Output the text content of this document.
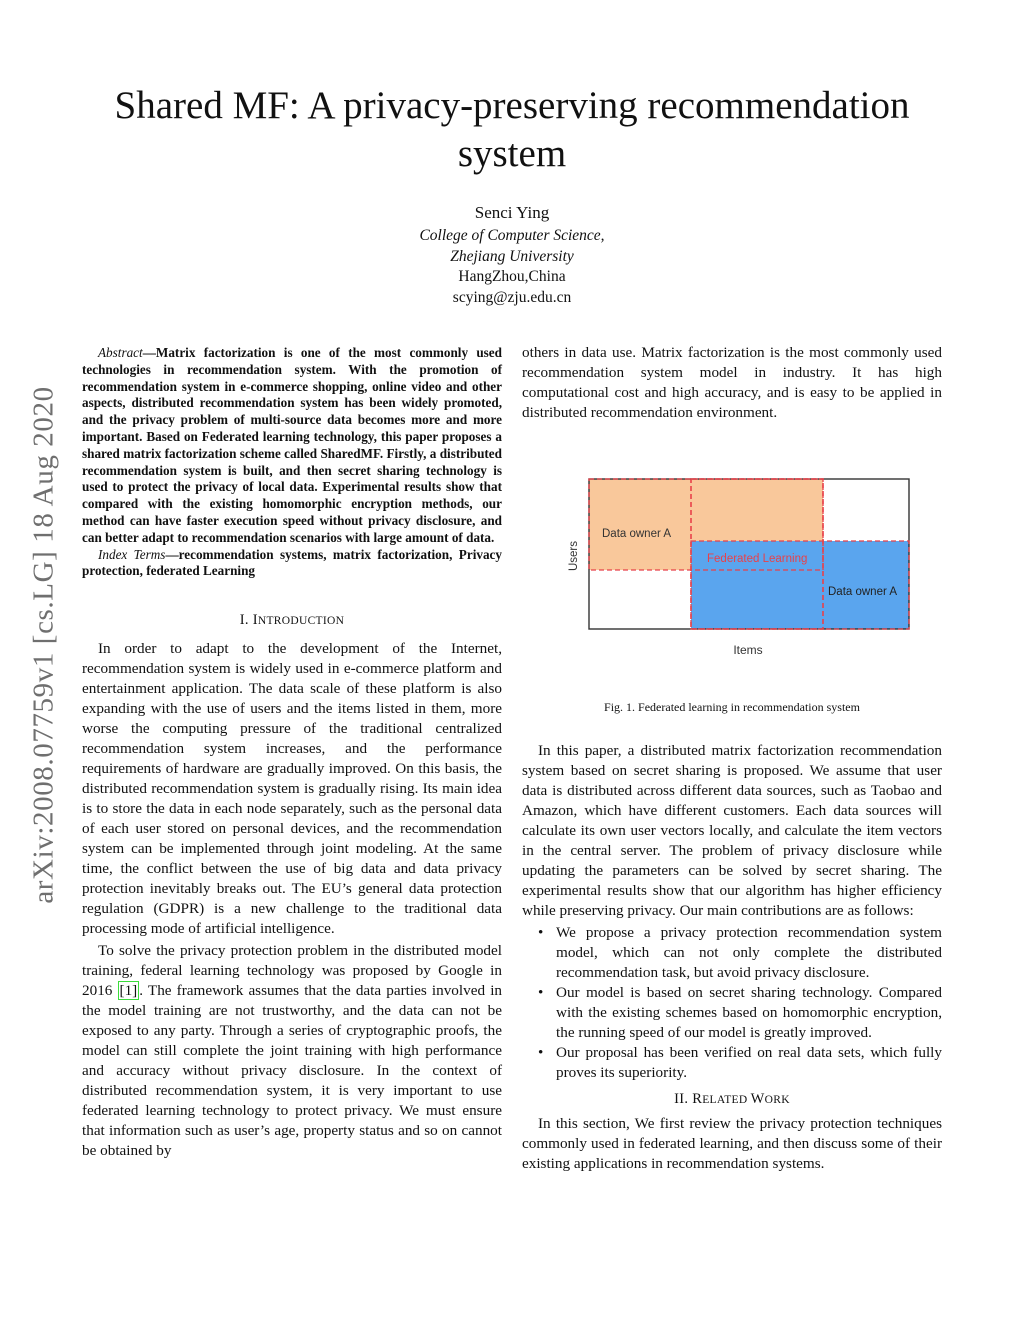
arXiv:2008.07759v1 [cs.LG] 18 Aug 2020
Shared MF: A privacy-preserving recommendation system
Senci Ying
College of Computer Science,
Zhejiang University
HangZhou,China
scying@zju.edu.cn
Abstract—Matrix factorization is one of the most commonly used technologies in recommendation system. With the promotion of recommendation system in e-commerce shopping, online video and other aspects, distributed recommendation system has been widely promoted, and the privacy problem of multi-source data becomes more and more important. Based on Federated learning technology, this paper proposes a shared matrix factorization scheme called SharedMF. Firstly, a distributed recommendation system is built, and then secret sharing technology is used to protect the privacy of local data. Experimental results show that compared with the existing homomorphic encryption methods, our method can have faster execution speed without privacy disclosure, and can better adapt to recommendation scenarios with large amount of data.
Index Terms—recommendation systems, matrix factorization, Privacy protection, federated Learning
I. INTRODUCTION

In order to adapt to the development of the Internet, recommendation system is widely used in e-commerce platform and entertainment application. The data scale of these platform is also expanding with the use of users and the items listed in them, more worse the computing pressure of the traditional centralized recommendation system increases, and the performance requirements of hardware are gradually improved. On this basis, the distributed recommendation system is gradually rising. Its main idea is to store the data in each node separately, such as the personal data of each user stored on personal devices, and the recommendation system can be implemented through joint modeling. At the same time, the conflict between the use of big data and data privacy protection inevitably breaks out. The EU’s general data protection regulation (GDPR) is a new challenge to the traditional data processing mode of artificial intelligence.

To solve the privacy protection problem in the distributed model training, federal learning technology was proposed by Google in 2016 [1] . The framework assumes that the data parties involved in the model training are not trustworthy, and the data can not be exposed to any party. Through a series of cryptographic proofs, the model can still complete the joint training with high performance and accuracy without privacy disclosure. In the context of distributed recommendation system, it is very important to use federated learning technology to protect privacy. We must ensure that information such as user’s age, property status and so on cannot be obtained by

others in data use. Matrix factorization is the most commonly used recommendation system model in industry. It has high computational cost and high accuracy, and is easy to be applied in distributed recommendation environment.

Data owner A
Federated Learning
Data owner A
Users
Items
Fig. 1. Federated learning in recommendation system

In this paper, a distributed matrix factorization recommendation system based on secret sharing is proposed. We assume that user data is distributed across different data sources, such as Taobao and Amazon, which have different customers. Each data sources will calculate its own user vectors locally, and calculate the item vectors in the central server. The problem of privacy disclosure while updating the parameters can be solved by secret sharing. The experimental results show that our algorithm has higher efficiency while preserving privacy. Our main contributions are as follows:

• We propose a privacy protection recommendation system model, which can not only complete the distributed recommendation task, but avoid privacy disclosure.
• Our model is based on secret sharing technology. Compared with the existing schemes based on homomorphic encryption, the running speed of our model is greatly improved.
• Our proposal has been verified on real data sets, which fully proves its superiority.
II. RELATED WORK

In this section, We first review the privacy protection techniques commonly used in federated learning, and then discuss some of their existing applications in recommendation systems.
